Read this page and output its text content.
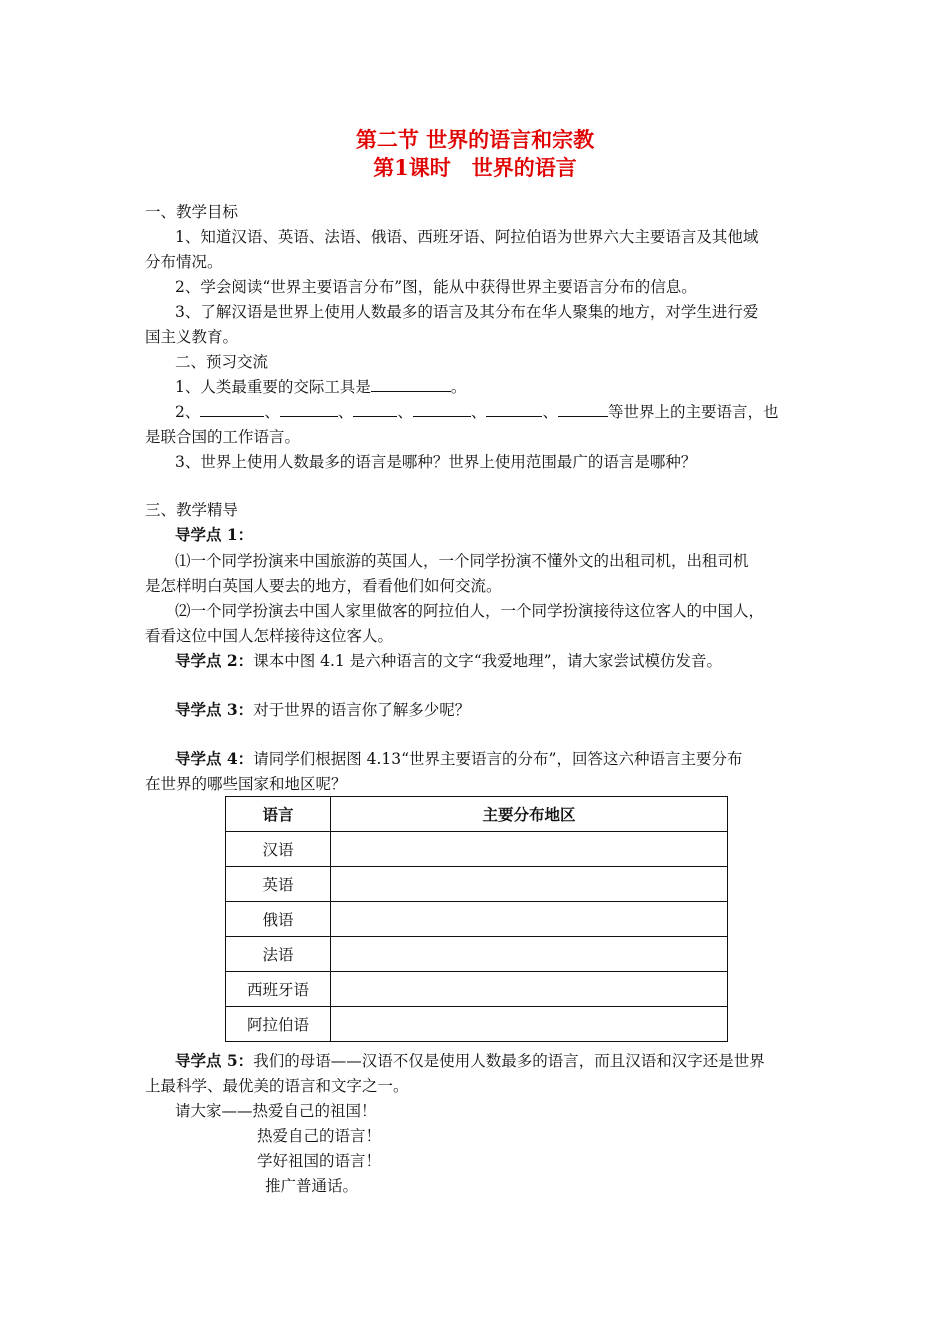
第二节 世界的语言和宗教
第1课时　世界的语言
一、教学目标
1、知道汉语、英语、法语、俄语、西班牙语、阿拉伯语为世界六大主要语言及其他域
分布情况。
2、学会阅读“世界主要语言分布”图，能从中获得世界主要语言分布的信息。
3、了解汉语是世界上使用人数最多的语言及其分布在华人聚集的地方，对学生进行爱
国主义教育。
二、预习交流
1、人类最重要的交际工具是	。
2、	、	、	、	、	、	等世界上的主要语言，也
是联合国的工作语言。
3、世界上使用人数最多的语言是哪种？世界上使用范围最广的语言是哪种？
三、教学精导
导学点 1：
⑴一个同学扮演来中国旅游的英国人，一个同学扮演不懂外文的出租司机，出租司机
是怎样明白英国人要去的地方，看看他们如何交流。
⑵一个同学扮演去中国人家里做客的阿拉伯人，一个同学扮演接待这位客人的中国人，
看看这位中国人怎样接待这位客人。
导学点 2：课本中图 4.1 是六种语言的文字“我爱地理”，请大家尝试模仿发音。
导学点 3：对于世界的语言你了解多少呢？
导学点 4：请同学们根据图 4.13“世界主要语言的分布”，回答这六种语言主要分布
在世界的哪些国家和地区呢？
语言	主要分布地区
汉语	
英语	
俄语	
法语	
西班牙语	
阿拉伯语	
导学点 5：我们的母语——汉语不仅是使用人数最多的语言，而且汉语和汉字还是世界
上最科学、最优美的语言和文字之一。
请大家——热爱自己的祖国！
热爱自己的语言！
学好祖国的语言！
推广普通话。
